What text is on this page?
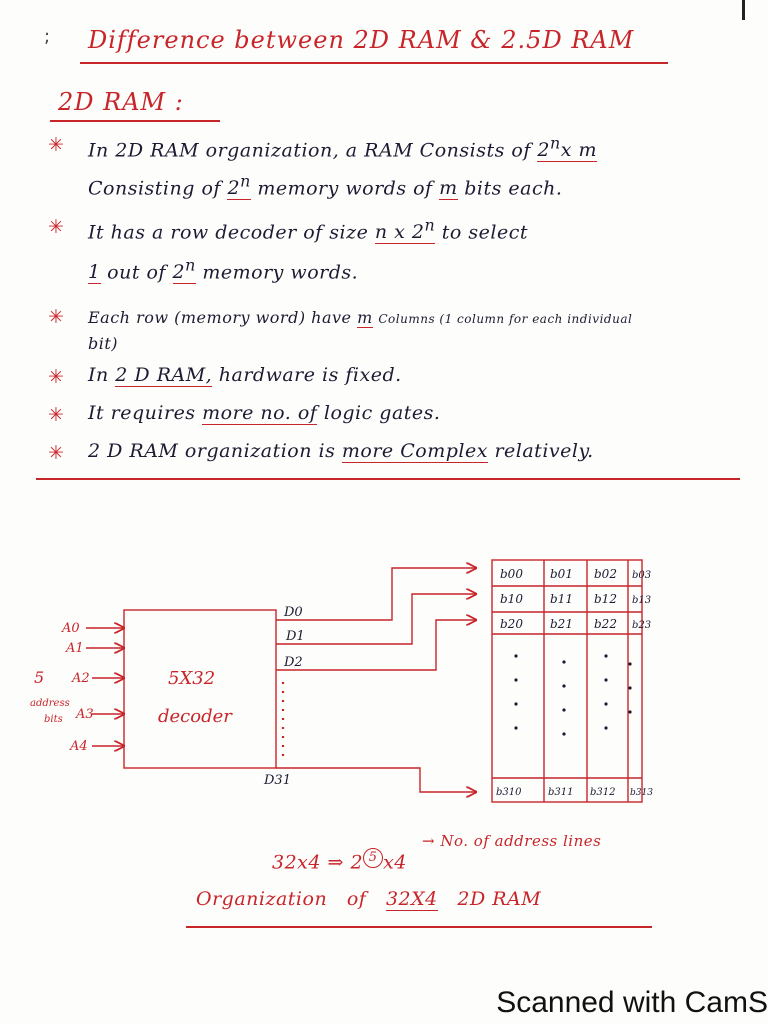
; Difference between 2D RAM & 2.5D RAM
2D RAM :
✳ In 2D RAM organization, a RAM Consists of 2$^n$x m
Consisting of 2$^n$ memory words of m bits each.
✳ It has a row decoder of size n x 2$^n$ to select
1 out of 2$^n$ memory words.
✳ Each row (memory word) have m Columns (1 column for each individual
bit)
✳ In 2 D RAM, hardware is fixed.
✳ It requires more no. of logic gates.
✳ 2 D RAM organization is more Complex relatively.
b00 b01 b02 b03
b10 b11 b12 b13
b20 b21 b22 b23
b310	b311 b312 b313
A0
A1
A2
A3
A4
5
address
bits
5X32
decoder
D0
D1
D2
D31
32x4 ⇒ 2 5 x4
→ No. of address lines
Organization of 32X4 2D RAM
Scanned with CamS
